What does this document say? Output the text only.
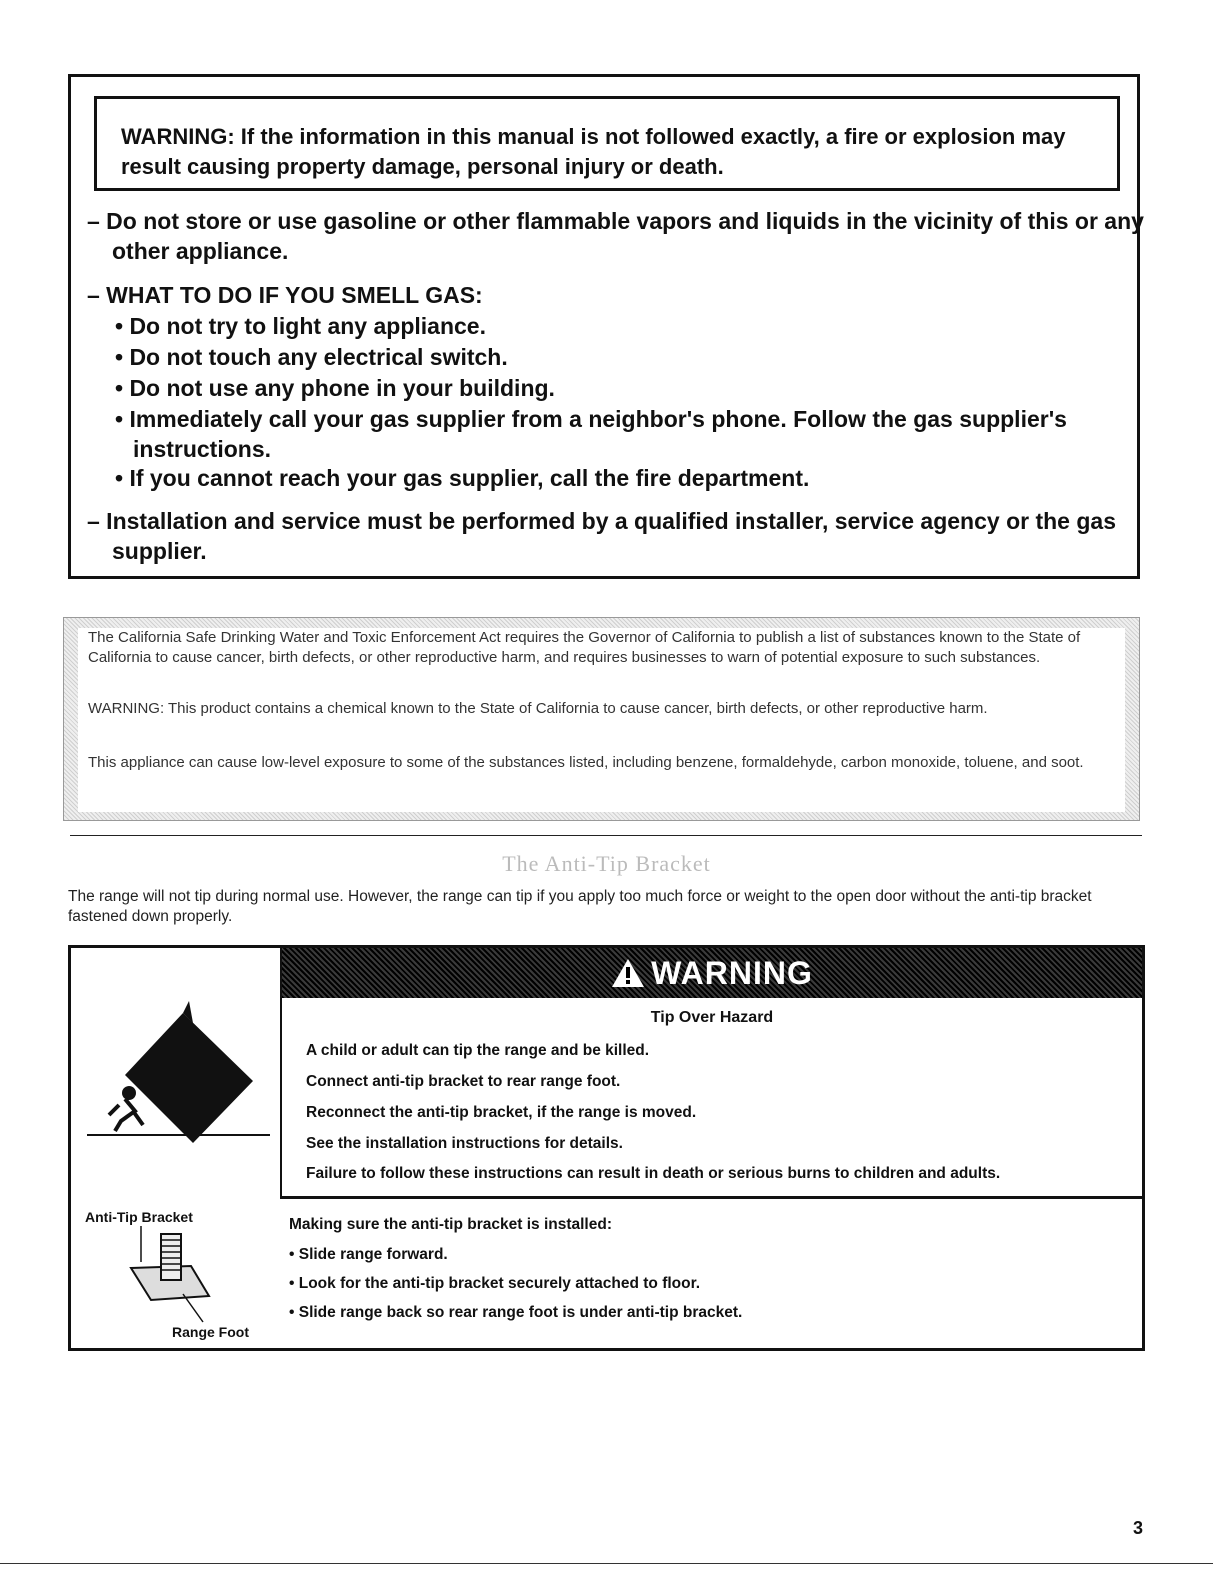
WARNING: If the information in this manual is not followed exactly, a fire or explosion may result causing property damage, personal injury or death.
– Do not store or use gasoline or other flammable vapors and liquids in the vicinity of this or any other appliance.
– WHAT TO DO IF YOU SMELL GAS:
• Do not try to light any appliance.
• Do not touch any electrical switch.
• Do not use any phone in your building.
• Immediately call your gas supplier from a neighbor's phone. Follow the gas supplier's instructions.
• If you cannot reach your gas supplier, call the fire department.
– Installation and service must be performed by a qualified installer, service agency or the gas supplier.

The California Safe Drinking Water and Toxic Enforcement Act requires the Governor of California to publish a list of substances known to the State of California to cause cancer, birth defects, or other reproductive harm, and requires businesses to warn of potential exposure to such substances.

WARNING: This product contains a chemical known to the State of California to cause cancer, birth defects, or other reproductive harm.

This appliance can cause low-level exposure to some of the substances listed, including benzene, formaldehyde, carbon monoxide, toluene, and soot.

The Anti-Tip Bracket
The range will not tip during normal use. However, the range can tip if you apply too much force or weight to the open door without the anti-tip bracket fastened down properly.
WARNING
Tip Over Hazard
A child or adult can tip the range and be killed.
Connect anti-tip bracket to rear range foot.
Reconnect the anti-tip bracket, if the range is moved.
See the installation instructions for details.
Failure to follow these instructions can result in death or serious burns to children and adults.
Anti-Tip Bracket
Range Foot
Making sure the anti-tip bracket is installed:
• Slide range forward.
• Look for the anti-tip bracket securely attached to floor.
• Slide range back so rear range foot is under anti-tip bracket.
3
